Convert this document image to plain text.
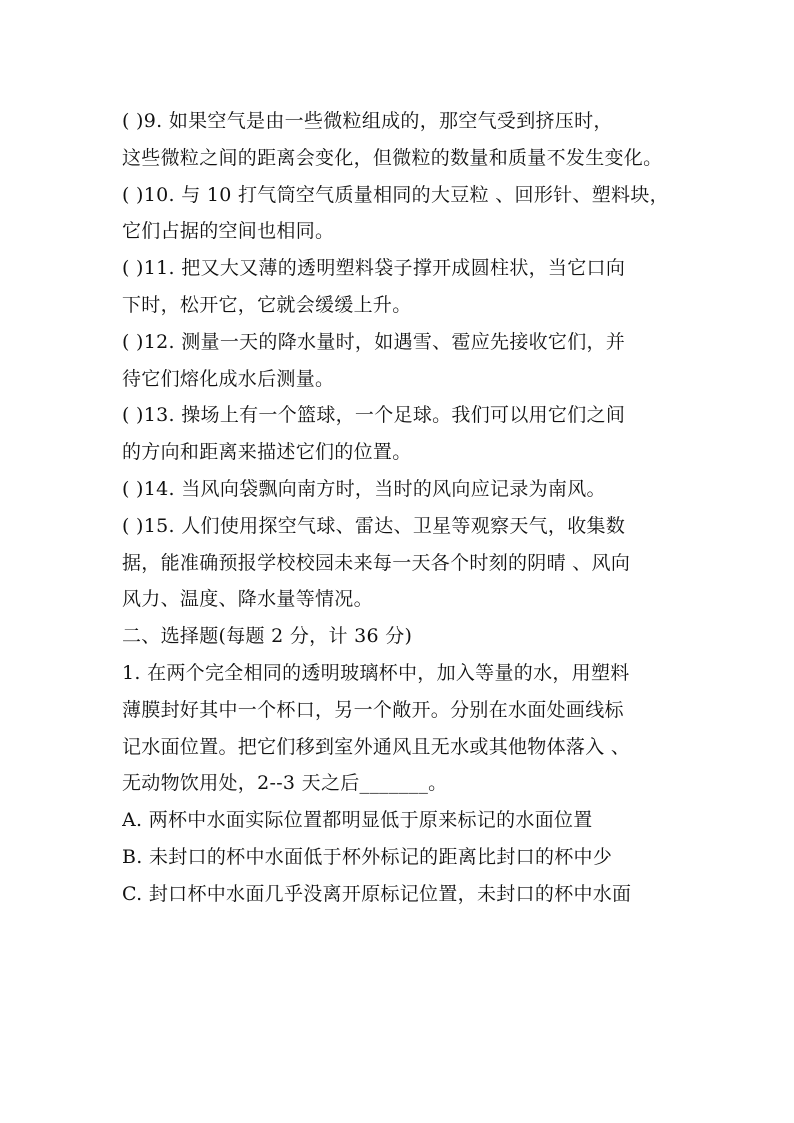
( )9. 如果空气是由一些微粒组成的，那空气受到挤压时，
这些微粒之间的距离会变化，但微粒的数量和质量不发生变化。
( )10. 与 10 打气筒空气质量相同的大豆粒 、回形针、塑料块，
它们占据的空间也相同。
( )11. 把又大又薄的透明塑料袋子撑开成圆柱状，当它口向
下时，松开它，它就会缓缓上升。
( )12. 测量一天的降水量时，如遇雪、雹应先接收它们，并
待它们熔化成水后测量。
( )13. 操场上有一个篮球，一个足球。我们可以用它们之间
的方向和距离来描述它们的位置。
( )14. 当风向袋飘向南方时，当时的风向应记录为南风。
( )15. 人们使用探空气球、雷达、卫星等观察天气，收集数
据，能准确预报学校校园未来每一天各个时刻的阴晴 、风向
风力、温度、降水量等情况。
二、选择题(每题 2 分，计 36 分)
1. 在两个完全相同的透明玻璃杯中，加入等量的水，用塑料
薄膜封好其中一个杯口，另一个敞开。分别在水面处画线标
记水面位置。把它们移到室外通风且无水或其他物体落入 、
无动物饮用处，2--3 天之后_______。
A. 两杯中水面实际位置都明显低于原来标记的水面位置
B. 未封口的杯中水面低于杯外标记的距离比封口的杯中少
C. 封口杯中水面几乎没离开原标记位置，未封口的杯中水面
